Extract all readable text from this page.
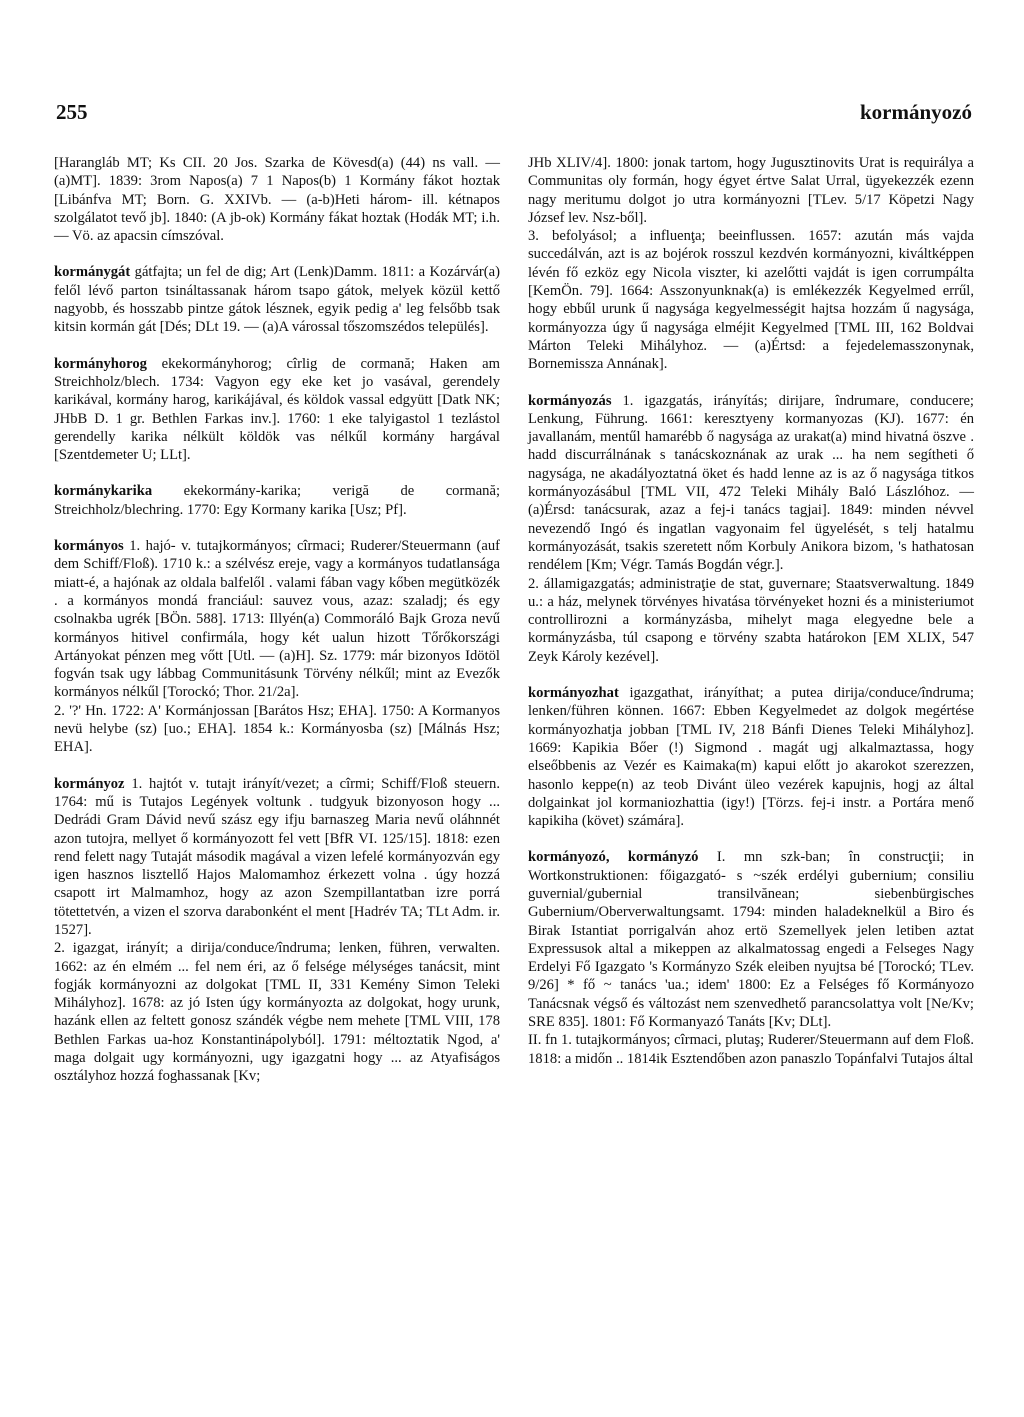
255	kormányozó
[Harangláb MT; Ks CII. 20 Jos. Szarka de Kövesd(a) (44) ns vall. — (a)MT]. 1839: 3rom Napos(a) 7 1 Napos(b) 1 Kormány fákot hoztak [Libánfva MT; Born. G. XXIVb. — (a-b)Heti három- ill. kétnapos szolgálatot tevő jb]. 1840: (A jb-ok) Kormány fákat hoztak (Hodák MT; i.h. — Vö. az apacsin címszóval.
kormánygát gátfajta; un fel de dig; Art (Lenk)Damm. 1811: a Kozárvár(a) felől lévő parton tsináltassanak három tsapo gátok, melyek közül kettő nagyobb, és hosszabb pintze gátok lésznek, egyik pedig a' leg felsőbb tsak kitsin kormán gát [Dés; DLt 19. — (a)A várossal tőszomszédos település].
kormányhorog ekekormányhorog; cîrlig de cormană; Haken am Streichholz/blech. 1734: Vagyon egy eke ket jo vasával, gerendely karikával, kormány harog, karikájával, és köldok vassal edgyütt [Datk NK; JHbB D. 1 gr. Bethlen Farkas inv.]. 1760: 1 eke talyigastol 1 tezlástol gerendelly karika nélkült köldök vas nélkűl kormány hargával [Szentdemeter U; LLt].
kormánykarika ekekormány-karika; verigă de cormană; Streichholz/blechring. 1770: Egy Kormany karika [Usz; Pf].
kormányos 1. hajó- v. tutajkormányos; cîrmaci; Ruderer/Steuermann (auf dem Schiff/Floß). 1710 k.: a szélvész ereje, vagy a kormányos tudatlansága miatt-é, a hajónak az oldala balfelől . valami fában vagy kőben megütközék . a kormányos mondá franciául: sauvez vous, azaz: szaladj; és egy csolnakba ugrék [BÖn. 588]. 1713: Illyén(a) Commoráló Bajk Groza nevű kormányos hitivel confirmála, hogy két ualun hizott Tőrőkországi Artányokat pénzen meg vőtt [Utl. — (a)H]. Sz. 1779: már bizonyos Idötöl fogván tsak ugy lábbag Communitásunk Törvény nélkűl; mint az Evezők kormányos nélkűl [Torockó; Thor. 21/2a].
2. '?' Hn. 1722: A' Kormánjossan [Barátos Hsz; EHA]. 1750: A Kormanyos nevü helybe (sz) [uo.; EHA]. 1854 k.: Kormányosba (sz) [Málnás Hsz; EHA].
kormányoz 1. hajtót v. tutajt irányít/vezet; a cîrmi; Schiff/Floß steuern. 1764: mű is Tutajos Legények voltunk . tudgyuk bizonyoson hogy ... Dedrádi Gram Dávid nevű szász egy ifju barnaszeg Maria nevű oláhnnét azon tutojra, mellyet ő kormányozott fel vett [BfR VI. 125/15]. 1818: ezen rend felett nagy Tutaját második magával a vizen lefelé kormányozván egy igen hasznos lisztellő Hajos Malomamhoz érkezett volna . úgy hozzá csapott irt Malmamhoz, hogy az azon Szempillantatban izre porrá tötettetvén, a vizen el szorva darabonként el ment [Hadrév TA; TLt Adm. ir. 1527].
2. igazgat, irányít; a dirija/conduce/îndruma; lenken, führen, verwalten. 1662: az én elmém ... fel nem éri, az ő felsége mélységes tanácsit, mint fogják kormányozni az dolgokat [TML II, 331 Kemény Simon Teleki Mihályhoz]. 1678: az jó Isten úgy kormányozta az dolgokat, hogy urunk, hazánk ellen az feltett gonosz szándék végbe nem mehete [TML VIII, 178 Bethlen Farkas ua-hoz Konstantinápolyból]. 1791: méltoztatik Ngod, a' maga dolgait ugy kormányozni, ugy igazgatni hogy ... az Atyafiságos osztályhoz hozzá foghassanak [Kv;
JHb XLIV/4]. 1800: jonak tartom, hogy Jugusztinovits Urat is requirálya a Communitas oly formán, hogy égyet értve Salat Urral, ügyekezzék ezenn nagy meritumu dolgot jo utra kormányozni [TLev. 5/17 Köpetzi Nagy József lev. Nsz-ből].
3. befolyásol; a influenţa; beeinflussen. 1657: azután más vajda succedálván, azt is az bojérok rosszul kezdvén kormányozni, kiváltképpen lévén fő ezköz egy Nicola viszter, ki azelőtti vajdát is igen corrumpálta [KemÖn. 79]. 1664: Asszonyunknak(a) is emlékezzék Kegyelmed errűl, hogy ebbűl urunk ű nagysága kegyelmességit hajtsa hozzám ű nagysága, kormányozza úgy ű nagysága elméjit Kegyelmed [TML III, 162 Boldvai Márton Teleki Mihályhoz. — (a)Értsd: a fejedelemasszonynak, Bornemissza Annának].
kormányozás 1. igazgatás, irányítás; dirijare, îndrumare, conducere; Lenkung, Führung. 1661: keresztyeny kormanyozas (KJ). 1677: én javallanám, mentűl hamarébb ő nagysága az urakat(a) mind hivatná öszve . hadd discurrálnának s tanácskoznának az urak ... ha nem segítheti ő nagysága, ne akadályoztatná öket és hadd lenne az is az ő nagysága titkos kormányozásábul [TML VII, 472 Teleki Mihály Baló Lászlóhoz. — (a)Érsd: tanácsurak, azaz a fej-i tanács tagjai]. 1849: minden névvel nevezendő Ingó és ingatlan vagyonaim fel ügyelését, s telj hatalmu kormányozását, tsakis szeretett nőm Korbuly Anikora bizom, 's hathatosan rendélem [Km; Végr. Tamás Bogdán végr.].
2. államigazgatás; administraţie de stat, guvernare; Staatsverwaltung. 1849 u.: a ház, melynek törvényes hivatása törvényeket hozni és a ministeriumot controllirozni a kormányzásba, mihelyt maga elegyedne bele a kormányzásba, túl csapong e törvény szabta határokon [EM XLIX, 547 Zeyk Károly kezével].
kormányozhat igazgathat, irányíthat; a putea dirija/conduce/îndruma; lenken/führen können. 1667: Ebben Kegyelmedet az dolgok megértése kormányozhatja jobban [TML IV, 218 Bánfi Dienes Teleki Mihályhoz]. 1669: Kapikia Bőer (!) Sigmond . magát ugj alkalmaztassa, hogy elseőbbenis az Vezér es Kaimaka(m) kapui előtt jo akarokot szerezzen, hasonlo keppe(n) az teob Divánt üleo vezérek kapujnis, hogj az által dolgainkat jol kormaniozhattia (igy!) [Törzs. fej-i instr. a Portára menő kapikiha (követ) számára].
kormányozó, kormányzó I. mn szk-ban; în construcţii; in Wortkonstruktionen: főigazgató- s ~szék erdélyi gubernium; consiliu guvernial/gubernial transilvănean; siebenbürgisches Gubernium/Oberverwaltungsamt. 1794: minden haladeknelkül a Biro és Birak Istantiat porrigalván ahoz ertö Szemellyek jelen letiben aztat Expressusok altal a mikeppen az alkalmatossag engedi a Felseges Nagy Erdelyi Fő Igazgato 's Kormányzo Szék eleiben nyujtsa bé [Torockó; TLev. 9/26] * fő ~ tanács 'ua.; idem' 1800: Ez a Felséges fő Kormányozo Tanácsnak végső és változást nem szenvedhető parancsolattya volt [Ne/Kv; SRE 835]. 1801: Fő Kormanyazó Tanáts [Kv; DLt].
II. fn 1. tutajkormányos; cîrmaci, plutaş; Ruderer/Steuermann auf dem Floß. 1818: a midőn .. 1814ik Esztendőben azon panaszlo Topánfalvi Tutajos által
